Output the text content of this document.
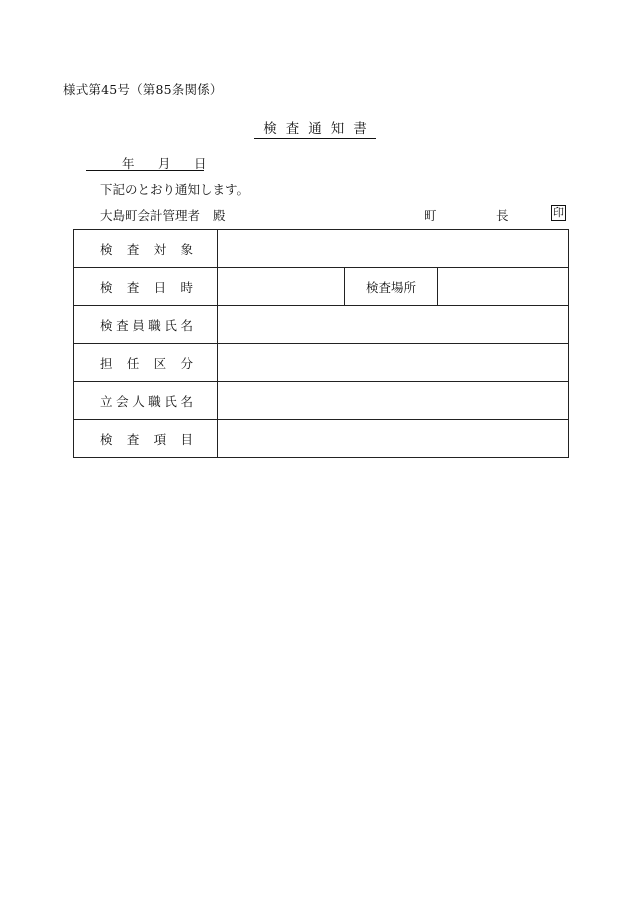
様式第45号（第85条関係）
検査通知書
年 月 日
下記のとおり通知します。
大島町会計管理者 殿	町	長	印
検査対象			
検査日時		検査場所	
検査員職氏名			
担任区分			
立会人職氏名			
検査項目			
